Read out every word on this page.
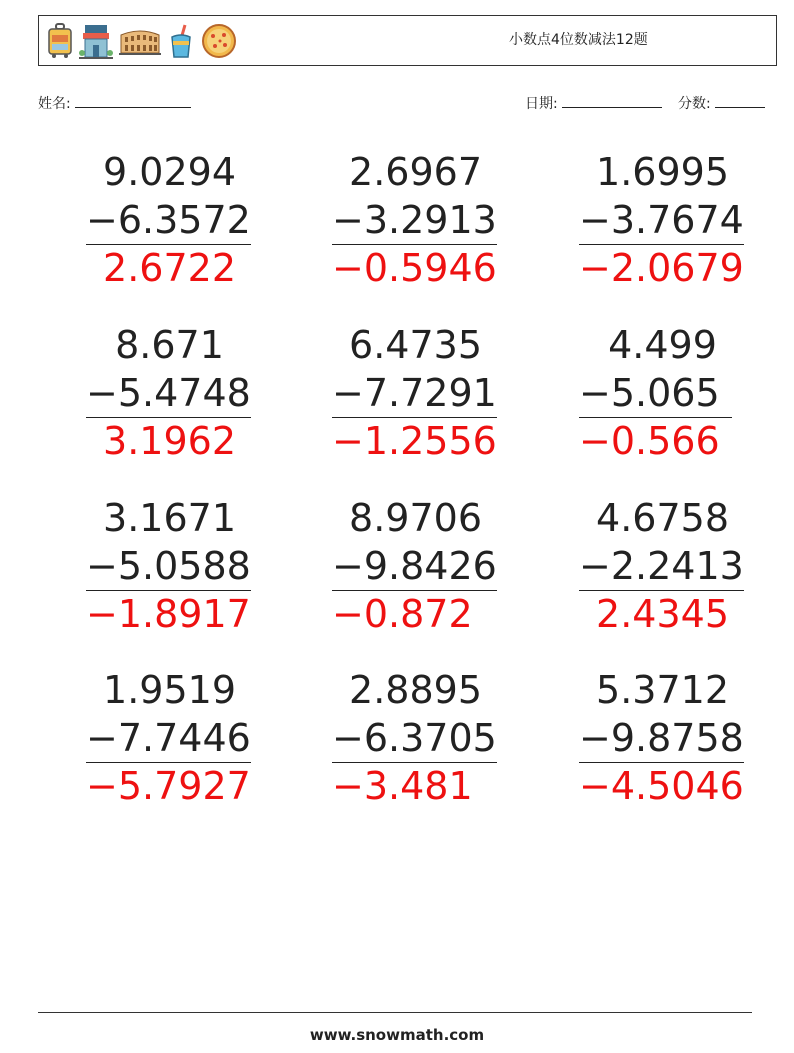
小数点4位数减法12题
姓名:	日期:	分数:
9.0294
−6.3572
2.6722
2.6967
−3.2913
−0.5946
1.6995
−3.7674
−2.0679
8.671
−5.4748
3.1962
6.4735
−7.7291
−1.2556
4.499
−5.065
−0.566
3.1671
−5.0588
−1.8917
8.9706
−9.8426
−0.872
4.6758
−2.2413
2.4345
1.9519
−7.7446
−5.7927
2.8895
−6.3705
−3.481
5.3712
−9.8758
−4.5046
www.snowmath.com
